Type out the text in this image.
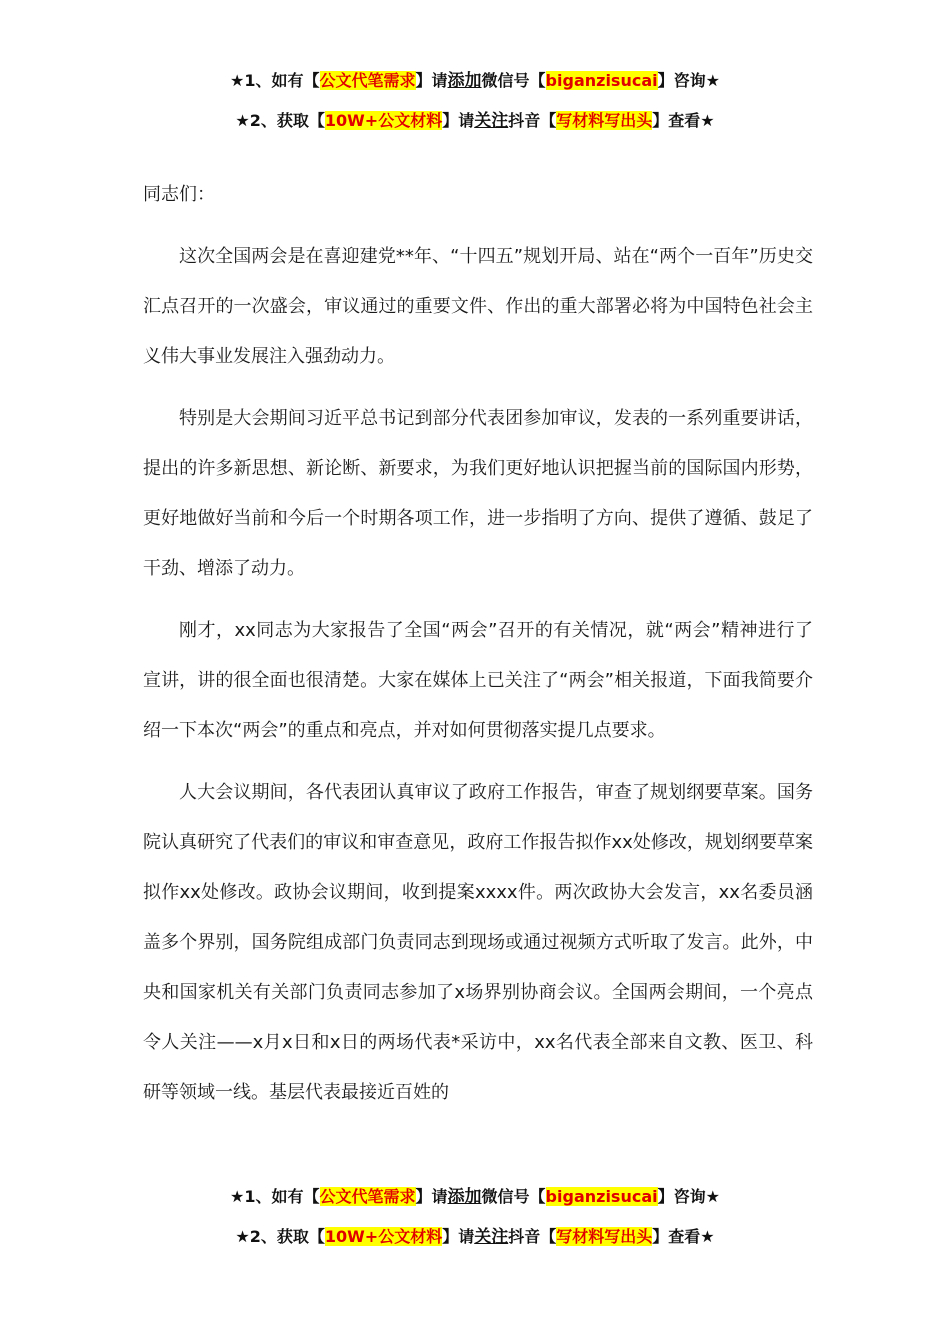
★1、如有【公文代笔需求】请添加微信号【biganzisucai】咨询★
★2、获取【10W+公文材料】请关注抖音【写材料写出头】查看★

同志们：

这次全国两会是在喜迎建党**年、“十四五”规划开局、站在“两个一百年”历史交汇点召开的一次盛会，审议通过的重要文件、作出的重大部署必将为中国特色社会主义伟大事业发展注入强劲动力。

特别是大会期间习近平总书记到部分代表团参加审议，发表的一系列重要讲话，提出的许多新思想、新论断、新要求，为我们更好地认识把握当前的国际国内形势，更好地做好当前和今后一个时期各项工作，进一步指明了方向、提供了遵循、鼓足了干劲、增添了动力。

刚才，xx同志为大家报告了全国“两会”召开的有关情况，就“两会”精神进行了宣讲，讲的很全面也很清楚。大家在媒体上已关注了“两会”相关报道，下面我简要介绍一下本次“两会”的重点和亮点，并对如何贯彻落实提几点要求。

人大会议期间，各代表团认真审议了政府工作报告，审查了规划纲要草案。国务院认真研究了代表们的审议和审查意见，政府工作报告拟作xx处修改，规划纲要草案拟作xx处修改。政协会议期间，收到提案xxxx件。两次政协大会发言，xx名委员涵盖多个界别，国务院组成部门负责同志到现场或通过视频方式听取了发言。此外，中央和国家机关有关部门负责同志参加了x场界别协商会议。全国两会期间，一个亮点令人关注——x月x日和x日的两场代表*采访中，xx名代表全部来自文教、医卫、科研等领域一线。基层代表最接近百姓的

★1、如有【公文代笔需求】请添加微信号【biganzisucai】咨询★
★2、获取【10W+公文材料】请关注抖音【写材料写出头】查看★
